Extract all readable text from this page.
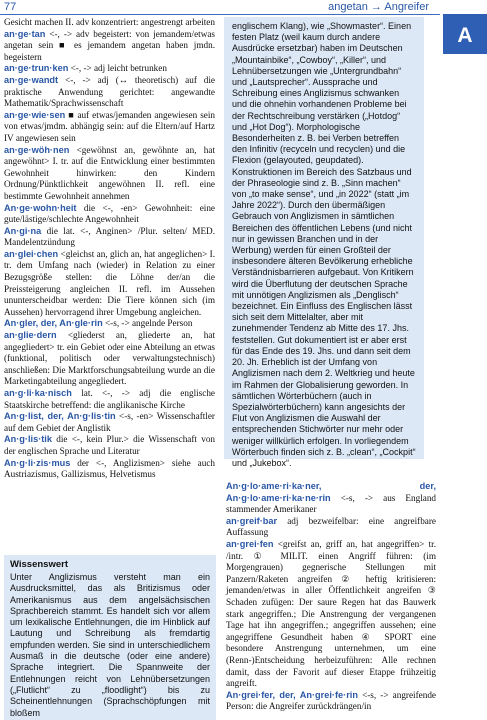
77	angetan → Angreifer
A

Gesicht machen II. adv konzentriert: angestrengt arbeiten

an·ge·tan <-, -> adv begeistert: von jemandem/etwas angetan sein ■ es jemandem angetan haben jmdn. begeistern

an·ge·trun·ken <-, -> adj leicht betrunken

an·ge·wandt <-, -> adj (↔ theoretisch) auf die praktische Anwendung gerichtet: angewandte Mathematik/Sprachwissenschaft

an·ge·wie·sen ■ auf etwas/jemanden angewiesen sein von etwas/jmdm. abhängig sein: auf die Eltern/auf Hartz IV angewiesen sein

an·ge·wöh·nen <gewöhnst an, gewöhnte an, hat angewöhnt> I. tr. auf die Entwicklung einer bestimmten Gewohnheit hinwirken: den Kindern Ordnung/Pünktlichkeit angewöhnen II. refl. eine bestimmte Gewohnheit annehmen

An·ge·wohn·heit die <-, -en> Gewohnheit: eine gute/lästige/schlechte Angewohnheit

An·gi·na die lat. <-, Anginen> /Plur. selten/ MED. Mandelentzündung

an·glei·chen <gleichst an, glich an, hat angeglichen> I. tr. dem Umfang nach (wieder) in Relation zu einer Bezugsgröße stellen: die Löhne der/an die Preissteigerung angleichen II. refl. im Aussehen ununterscheidbar werden: Die Tiere können sich (im Aussehen) hervorragend ihrer Umgebung angleichen.

An·gler, der, An·gle·rin <-s, -> angelnde Person

an·glie·dern <gliederst an, gliederte an, hat angegliedert> tr. ein Gebiet oder eine Abteilung an etwas (funktional, politisch oder verwaltungstechnisch) anschließen: Die Marktforschungsabteilung wurde an die Marketingabteilung angegliedert.

an·g·li·ka·nisch lat. <-, -> adj die englische Staatskirche betreffend: die anglikanische Kirche

An·g·list, der, An·g·lis·tin <-s, -en> Wissenschaftler auf dem Gebiet der Anglistik

An·g·lis·tik die <-, kein Plur.> die Wissenschaft von der englischen Sprache und Literatur

An·g·li·zis·mus der <-, Anglizismen> siehe auch Austriazismus, Gallizismus, Helvetismus

Wissenswert
Unter Anglizismus versteht man ein Ausdrucksmittel, das als Britizismus oder Amerikanismus aus dem angelsächsischen Sprachbereich stammt. Es handelt sich vor allem um lexikalische Entlehnungen, die im Hinblick auf Lautung und Schreibung als fremdartig empfunden werden. Sie sind in unterschiedlichem Ausmaß in die deutsche (oder eine andere) Sprache integriert. Die Spannweite der Entlehnungen reicht von Lehnübersetzungen („Flutlicht“ zu „floodlight“) bis zu Scheinentlehnungen (Sprachschöpfungen mit bloßem
englischem Klang), wie „Showmaster“. Einen festen Platz (weil kaum durch andere Ausdrücke ersetzbar) haben im Deutschen „Mountainbike“, „Cowboy“, „Killer“, und Lehnübersetzungen wie „Untergrundbahn“ und „Lautsprecher“. Aussprache und Schreibung eines Anglizismus schwanken und die ohnehin vorhandenen Probleme bei der Rechtschreibung verstärken („Hotdog“ und „Hot Dog“). Morphologische Besonderheiten z. B. bei Verben betreffen den Infinitiv (recyceln und recyclen) und die Flexion (gelayouted, geupdated). Konstruktionen im Bereich des Satzbaus und der Phraseologie sind z. B. „Sinn machen“ von „to make sense“, und „in 2022“ (statt „im Jahre 2022“). Durch den übermäßigen Gebrauch von Anglizismen in sämtlichen Bereichen des öffentlichen Lebens (und nicht nur in gewissen Branchen und in der Werbung) werden für einen Großteil der insbesondere älteren Bevölkerung erhebliche Verständnisbarrieren aufgebaut. Von Kritikern wird die Überflutung der deutschen Sprache mit unnötigen Anglizismen als „Denglisch“ bezeichnet. Ein Einfluss des Englischen lässt sich seit dem Mittelalter, aber mit zunehmender Tendenz ab Mitte des 17. Jhs. feststellen. Gut dokumentiert ist er aber erst für das Ende des 19. Jhs. und dann seit dem 20. Jh. Erheblich ist der Umfang von Anglizismen nach dem 2. Weltkrieg und heute im Rahmen der Globalisierung geworden. In sämtlichen Wörterbüchern (auch in Spezialwörterbüchern) kann angesichts der Flut von Anglizismen die Auswahl der entsprechenden Stichwörter nur mehr oder weniger willkürlich erfolgen. In vorliegendem Wörterbuch finden sich z. B. „clean“, „Cockpit“ und „Jukebox“.

An·g·lo·ame·ri·ka·ner, der, An·g·lo·ame·ri·ka·ne·rin <-s, -> aus England stammender Amerikaner

an·greif·bar adj bezweifelbar: eine angreifbare Auffassung

an·grei·fen <greifst an, griff an, hat angegriffen> tr. /intr. ① MILIT. einen Angriff führen: (im Morgengrauen) gegnerische Stellungen mit Panzern/Raketen angreifen ② heftig kritisieren: jemanden/etwas in aller Öffentlichkeit angreifen ③ Schaden zufügen: Der saure Regen hat das Bauwerk stark angegriffen.; Die Anstrengung der vergangenen Tage hat ihn angegriffen.; angegriffen aussehen; eine angegriffene Gesundheit haben ④ SPORT eine besondere Anstrengung unternehmen, um eine (Renn-)Entscheidung herbeizuführen: Alle rechnen damit, dass der Favorit auf dieser Etappe frühzeitig angreift.

An·grei·fer, der, An·grei·fe·rin <-s, -> angreifende Person: die Angreifer zurückdrängen/in
